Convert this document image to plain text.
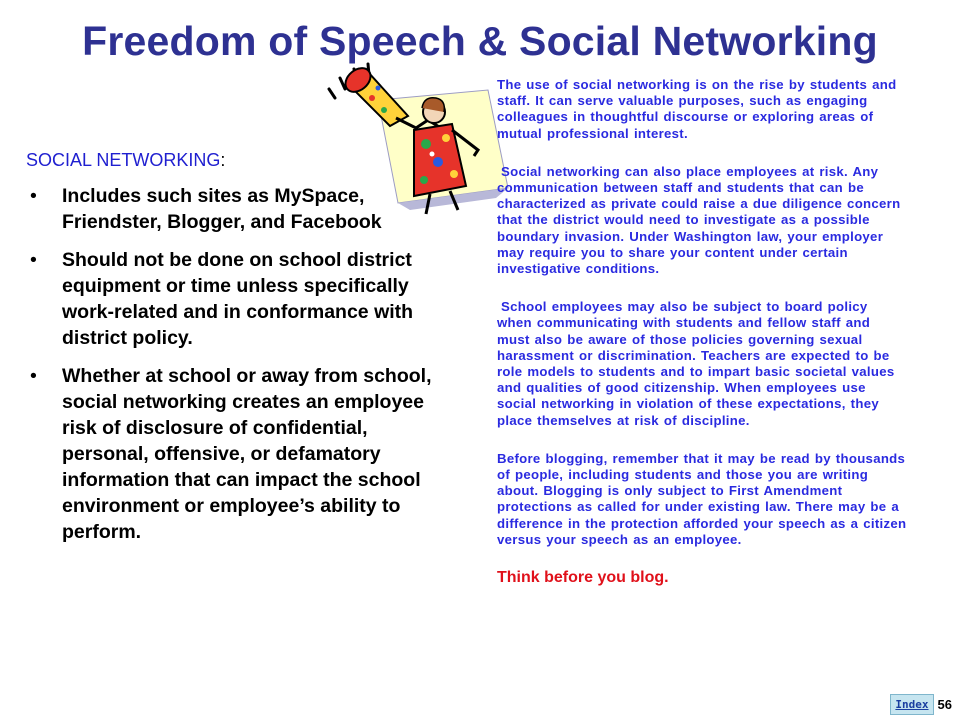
Freedom of Speech & Social Networking
SOCIAL NETWORKING:
• Includes such sites as MySpace, Friendster, Blogger, and Facebook
• Should not be done on school district equipment or time unless specifically work-related and in conformance with district policy.
• Whether at school or away from school, social networking creates an employee risk of disclosure of confidential, personal, offensive, or defamatory information that can impact the school environment or employee’s ability to perform.

The use of social networking is on the rise by students and staff. It can serve valuable purposes, such as engaging colleagues in thoughtful discourse or exploring areas of mutual professional interest.

Social networking can also place employees at risk. Any communication between staff and students that can be characterized as private could raise a due diligence concern that the district would need to investigate as a possible boundary invasion. Under Washington law, your employer may require you to share your content under certain investigative conditions.

School employees may also be subject to board policy when communicating with students and fellow staff and must also be aware of those policies governing sexual harassment or discrimination. Teachers are expected to be role models to students and to impart basic societal values and qualities of good citizenship. When employees use social networking in violation of these expectations, they place themselves at risk of discipline.

Before blogging, remember that it may be read by thousands of people, including students and those you are writing about. Blogging is only subject to First Amendment protections as called for under existing law. There may be a difference in the protection afforded your speech as a citizen versus your speech as an employee.

Think before you blog.

Index 56
